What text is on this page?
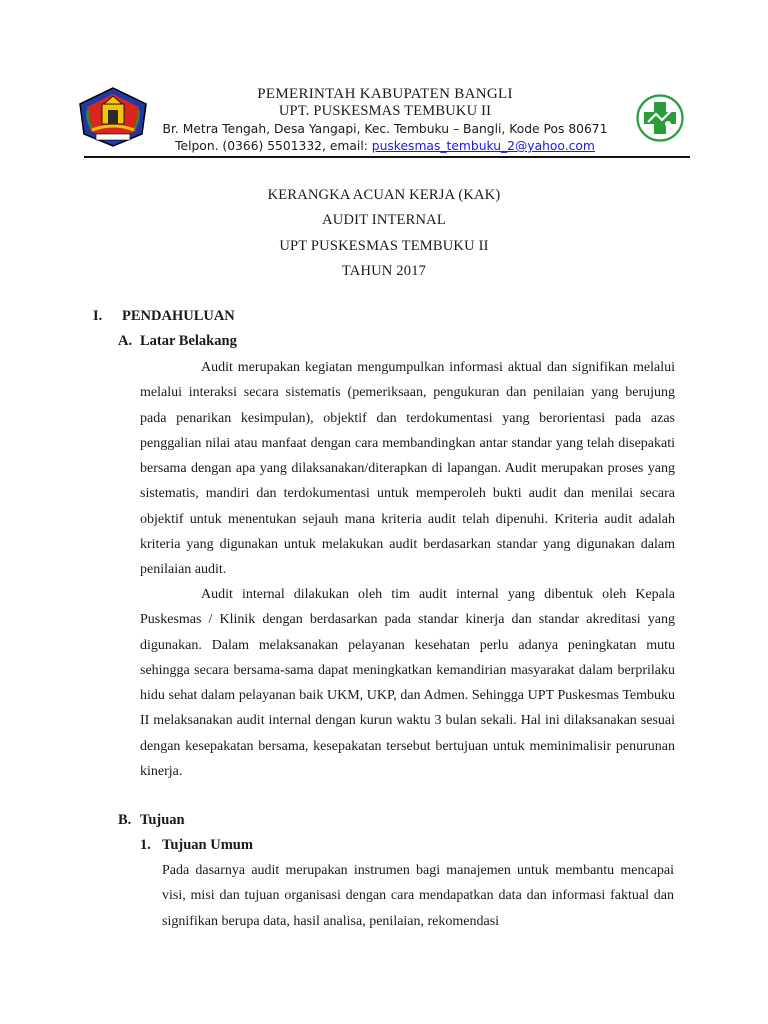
PEMERINTAH KABUPATEN BANGLI
UPT. PUSKESMAS TEMBUKU II
Br. Metra Tengah, Desa Yangapi, Kec. Tembuku – Bangli, Kode Pos 80671
Telpon. (0366) 5501332, email: puskesmas_tembuku_2@yahoo.com
KERANGKA ACUAN KERJA (KAK)
AUDIT INTERNAL
UPT PUSKESMAS TEMBUKU II
TAHUN 2017
I. PENDAHULUAN
A. Latar Belakang
Audit merupakan kegiatan mengumpulkan informasi aktual dan signifikan melalui melalui interaksi secara sistematis (pemeriksaan, pengukuran dan penilaian yang berujung pada penarikan kesimpulan), objektif dan terdokumentasi yang berorientasi pada azas penggalian nilai atau manfaat dengan cara membandingkan antar standar yang telah disepakati bersama dengan apa yang dilaksanakan/diterapkan di lapangan. Audit merupakan proses yang sistematis, mandiri dan terdokumentasi untuk memperoleh bukti audit dan menilai secara objektif untuk menentukan sejauh mana kriteria audit telah dipenuhi. Kriteria audit adalah kriteria yang digunakan untuk melakukan audit berdasarkan standar yang digunakan dalam penilaian audit.
Audit internal dilakukan oleh tim audit internal yang dibentuk oleh Kepala Puskesmas / Klinik dengan berdasarkan pada standar kinerja dan standar akreditasi yang digunakan. Dalam melaksanakan pelayanan kesehatan perlu adanya peningkatan mutu sehingga secara bersama-sama dapat meningkatkan kemandirian masyarakat dalam berprilaku hidu sehat dalam pelayanan baik UKM, UKP, dan Admen. Sehingga UPT Puskesmas Tembuku II melaksanakan audit internal dengan kurun waktu 3 bulan sekali. Hal ini dilaksanakan sesuai dengan kesepakatan bersama, kesepakatan tersebut bertujuan untuk meminimalisir penurunan kinerja.
B. Tujuan
1. Tujuan Umum
Pada dasarnya audit merupakan instrumen bagi manajemen untuk membantu mencapai visi, misi dan tujuan organisasi dengan cara mendapatkan data dan informasi faktual dan signifikan berupa data, hasil analisa, penilaian, rekomendasi
